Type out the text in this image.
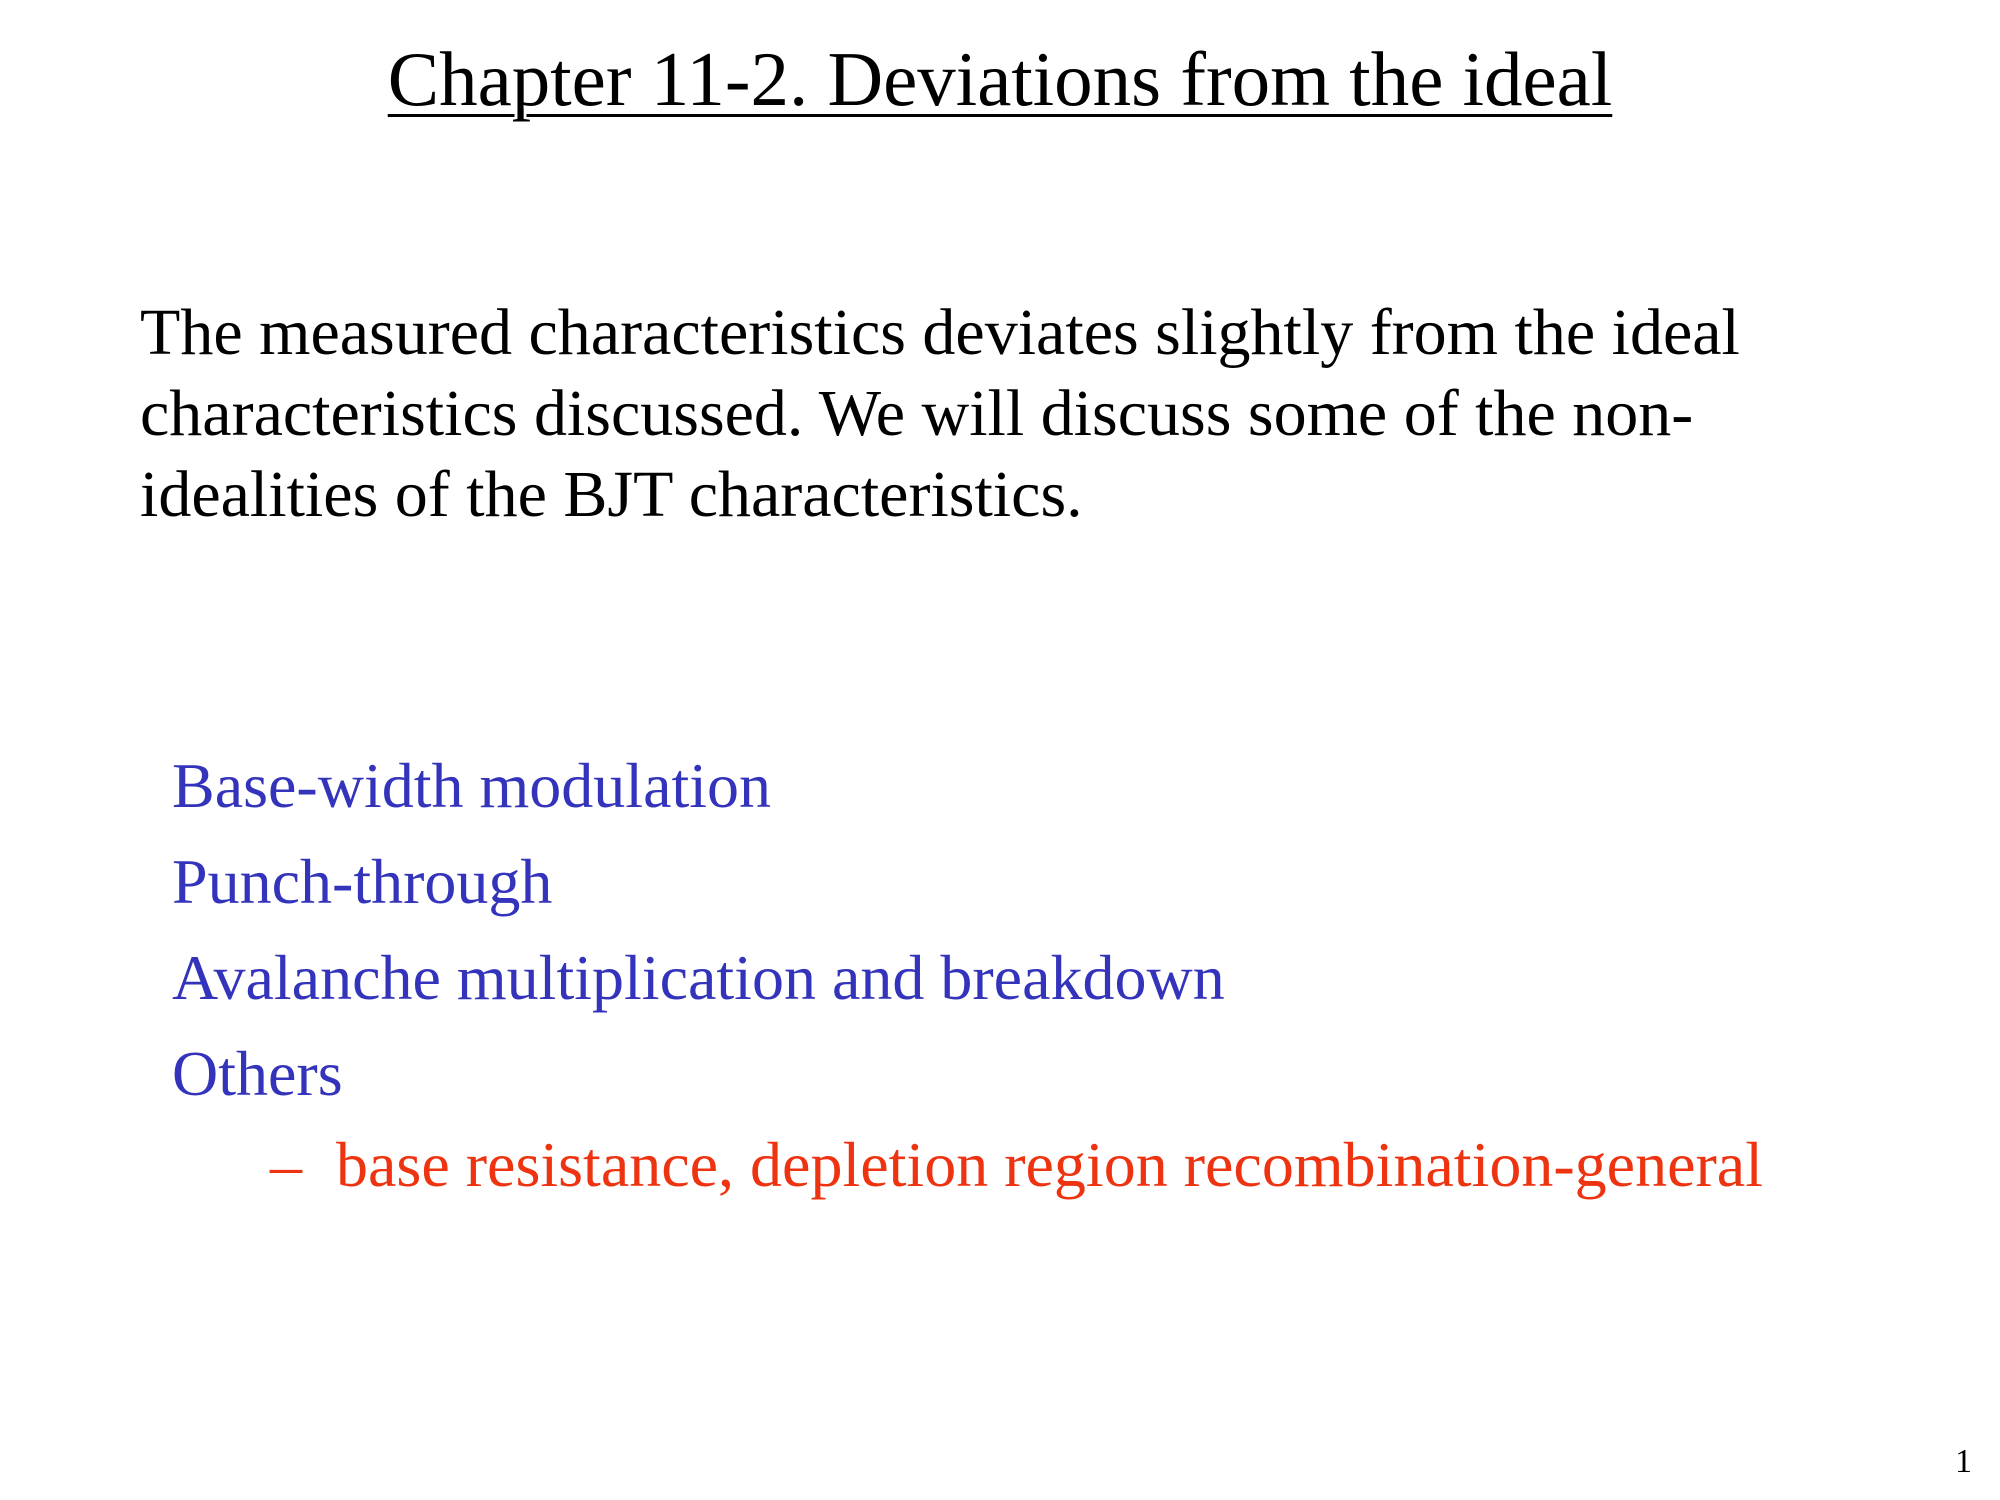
Chapter 11-2. Deviations from the ideal

The measured characteristics deviates slightly from the ideal
characteristics discussed. We will discuss some of the non-
idealities of the BJT characteristics.

Base-width modulation
Punch-through
Avalanche multiplication and breakdown
Others

– base resistance, depletion region recombination-general

1
